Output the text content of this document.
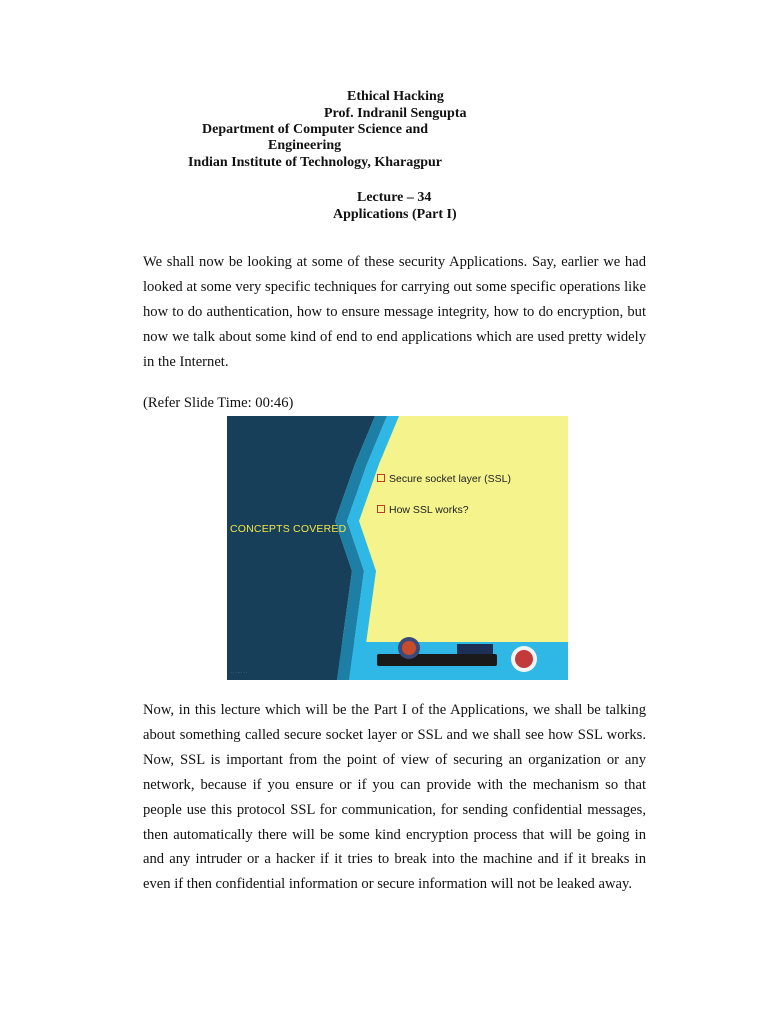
Ethical Hacking
Prof. Indranil Sengupta
Department of Computer Science and
Engineering
Indian Institute of Technology, Kharagpur
Lecture – 34
Applications (Part I)

We shall now be looking at some of these security Applications. Say, earlier we had looked at some very specific techniques for carrying out some specific operations like how to do authentication, how to ensure message integrity, how to do encryption, but now we talk about some kind of end to end applications which are used pretty widely in the Internet.

(Refer Slide Time: 00:46)
·· ···· ··
CONCEPTS COVERED
Secure socket layer (SSL)
How SSL works?

Now, in this lecture which will be the Part I of the Applications, we shall be talking about something called secure socket layer or SSL and we shall see how SSL works. Now, SSL is important from the point of view of securing an organization or any network, because if you ensure or if you can provide with the mechanism so that people use this protocol SSL for communication, for sending confidential messages, then automatically there will be some kind encryption process that will be going in and any intruder or a hacker if it tries to break into the machine and if it breaks in even if then confidential information or secure information will not be leaked away.
